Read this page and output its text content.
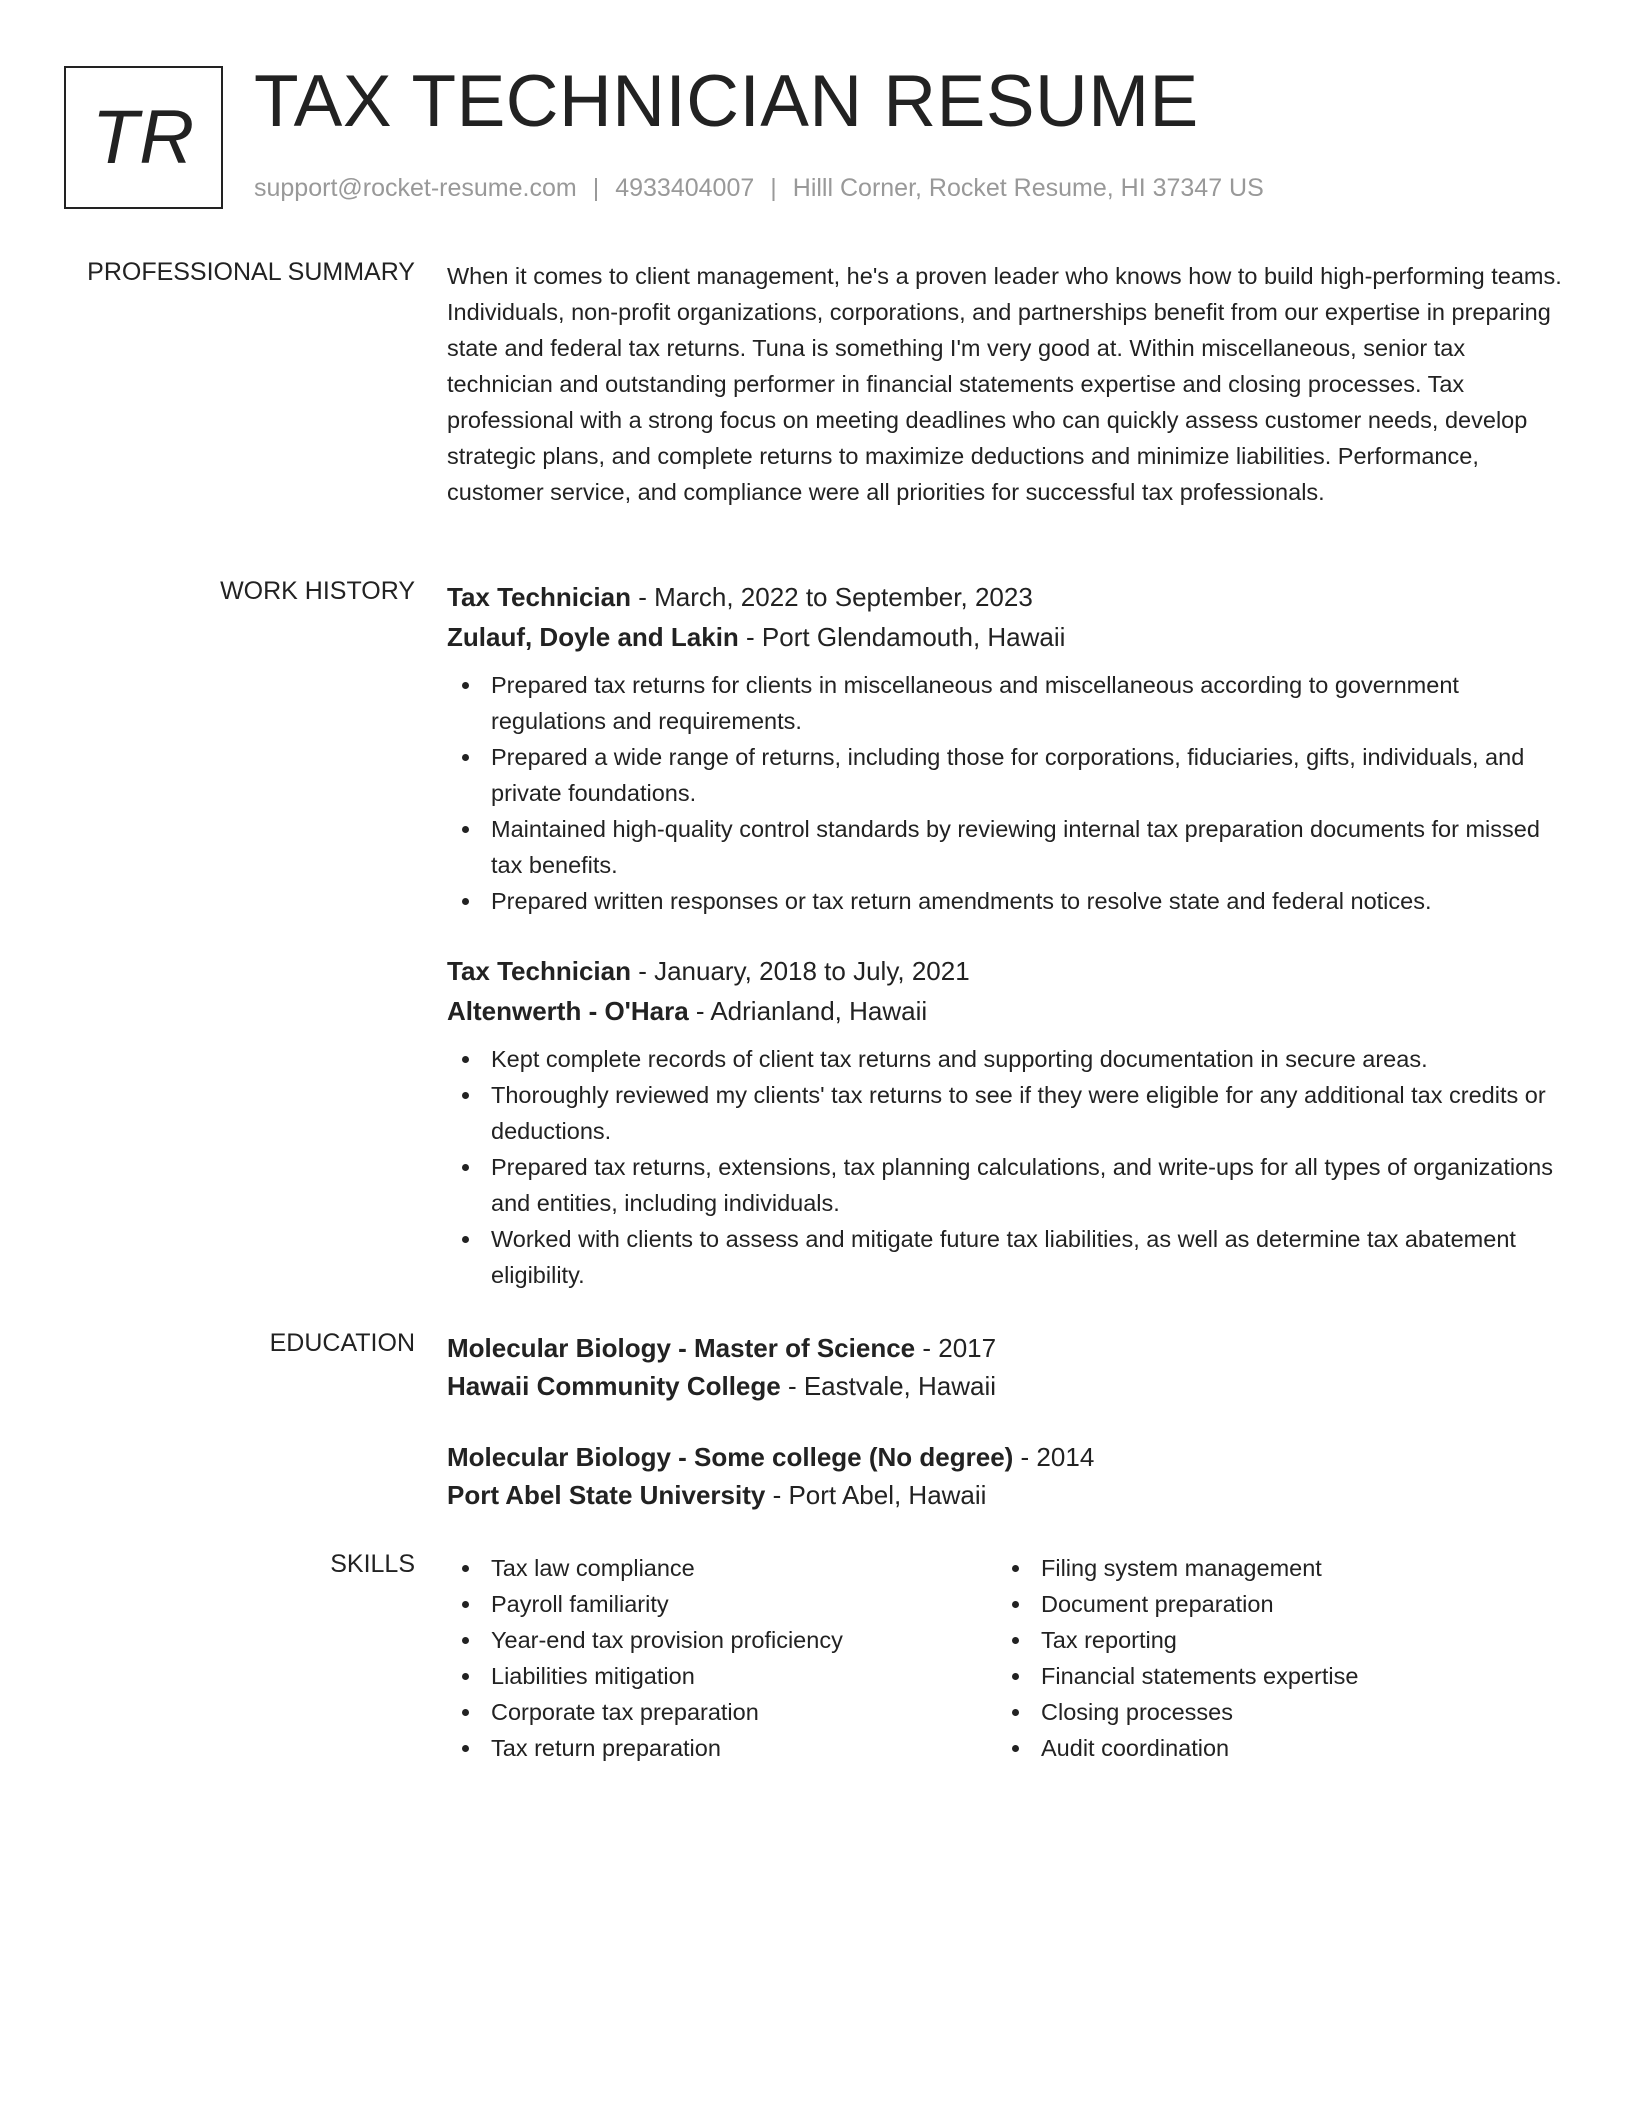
TR TAX TECHNICIAN RESUME
support@rocket-resume.com | 4933404007 | Hilll Corner, Rocket Resume, HI 37347 US
PROFESSIONAL SUMMARY When it comes to client management, he's a proven leader who knows how to build high-performing teams. Individuals, non-profit organizations, corporations, and partnerships benefit from our expertise in preparing state and federal tax returns. Tuna is something I'm very good at. Within miscellaneous, senior tax technician and outstanding performer in financial statements expertise and closing processes. Tax professional with a strong focus on meeting deadlines who can quickly assess customer needs, develop strategic plans, and complete returns to maximize deductions and minimize liabilities. Performance, customer service, and compliance were all priorities for successful tax professionals.

WORK HISTORY Tax Technician - March, 2022 to September, 2023
Zulauf, Doyle and Lakin - Port Glendamouth, Hawaii
Prepared tax returns for clients in miscellaneous and miscellaneous according to government regulations and requirements.
Prepared a wide range of returns, including those for corporations, fiduciaries, gifts, individuals, and private foundations.
Maintained high-quality control standards by reviewing internal tax preparation documents for missed tax benefits.
Prepared written responses or tax return amendments to resolve state and federal notices.
Tax Technician - January, 2018 to July, 2021
Altenwerth - O'Hara - Adrianland, Hawaii
Kept complete records of client tax returns and supporting documentation in secure areas.
Thoroughly reviewed my clients' tax returns to see if they were eligible for any additional tax credits or deductions.
Prepared tax returns, extensions, tax planning calculations, and write-ups for all types of organizations and entities, including individuals.
Worked with clients to assess and mitigate future tax liabilities, as well as determine tax abatement eligibility.
EDUCATION Molecular Biology - Master of Science - 2017
Hawaii Community College - Eastvale, Hawaii
Molecular Biology - Some college (No degree) - 2014
Port Abel State University - Port Abel, Hawaii
SKILLS	Tax law compliance
Payroll familiarity
Year-end tax provision proficiency
Liabilities mitigation
Corporate tax preparation
Tax return preparation
Filing system management
Document preparation
Tax reporting
Financial statements expertise
Closing processes
Audit coordination
